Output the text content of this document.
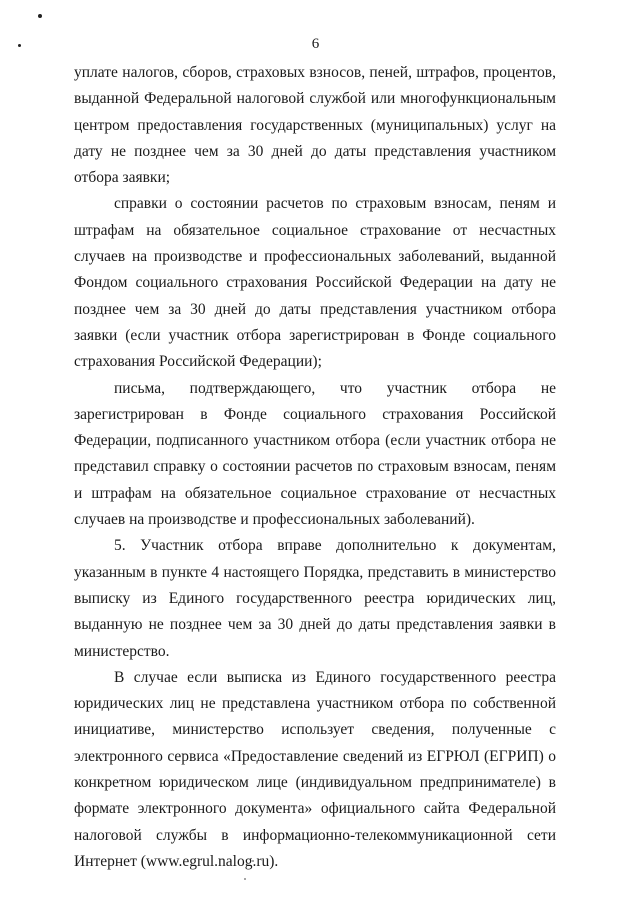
6

уплате налогов, сборов, страховых взносов, пеней, штрафов, процентов, выданной Федеральной налоговой службой или многофункциональным центром предоставления государственных (муниципальных) услуг на дату не позднее чем за 30 дней до даты представления участником отбора заявки;

справки о состоянии расчетов по страховым взносам, пеням и штрафам на обязательное социальное страхование от несчастных случаев на производстве и профессиональных заболеваний, выданной Фондом социального страхования Российской Федерации на дату не позднее чем за 30 дней до даты представления участником отбора заявки (если участник отбора зарегистрирован в Фонде социального страхования Российской Федерации);

письма, подтверждающего, что участник отбора не зарегистрирован в Фонде социального страхования Российской Федерации, подписанного участником отбора (если участник отбора не представил справку о состоянии расчетов по страховым взносам, пеням и штрафам на обязательное социальное страхование от несчастных случаев на производстве и профессиональных заболеваний).

5. Участник отбора вправе дополнительно к документам, указанным в пункте 4 настоящего Порядка, представить в министерство выписку из Единого государственного реестра юридических лиц, выданную не позднее чем за 30 дней до даты представления заявки в министерство.

В случае если выписка из Единого государственного реестра юридических лиц не представлена участником отбора по собственной инициативе, министерство использует сведения, полученные с электронного сервиса «Предоставление сведений из ЕГРЮЛ (ЕГРИП) о конкретном юридическом лице (индивидуальном предпринимателе) в формате электронного документа» официального сайта Федеральной налоговой службы в информационно-телекоммуникационной сети Интернет (www.egrul.nalog.ru).
